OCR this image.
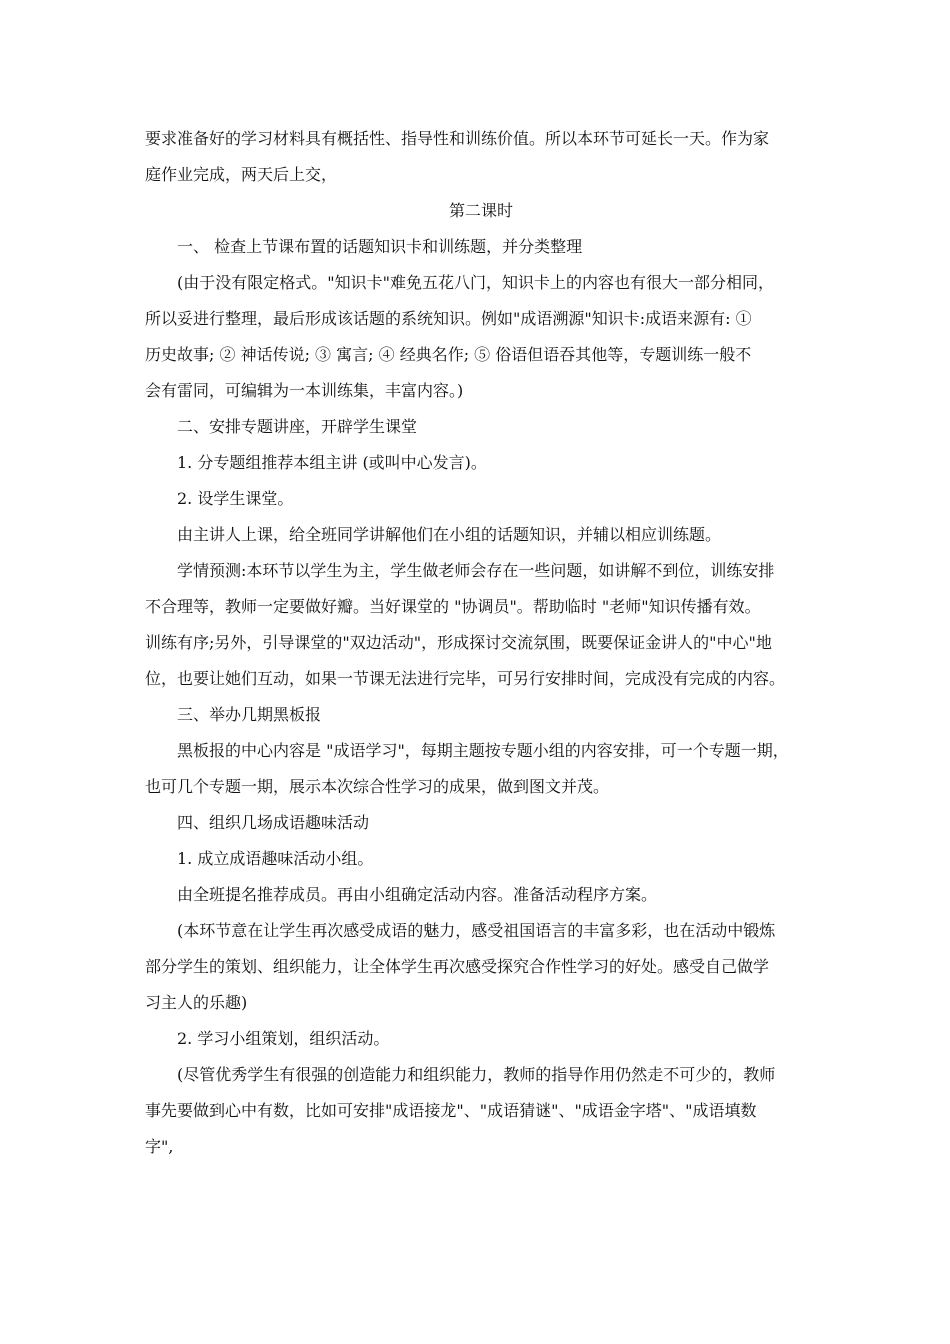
要求准备好的学习材料具有概括性、指导性和训练价值。所以本环节可延长一天。作为家
庭作业完成，两天后上交，
第二课时
一、 检查上节课布置的话题知识卡和训练题，并分类整理
(由于没有限定格式。"知识卡"难免五花八门，知识卡上的内容也有很大一部分相同，
所以妥进行整理，最后形成该话题的系统知识。例如"成语溯源"知识卡:成语来源有: ①
历史故事; ② 神话传说; ③ 寓言; ④ 经典名作; ⑤ 俗语但语吞其他等，专题训练一般不
会有雷同，可编辑为一本训练集，丰富内容。)
二、安排专题讲座，开辟学生课堂
1. 分专题组推荐本组主讲 (或叫中心发言)。
2. 设学生课堂。
由主讲人上课，给全班同学讲解他们在小组的话题知识，并辅以相应训练题。
学情预测:本环节以学生为主，学生做老师会存在一些问题，如讲解不到位，训练安排
不合理等，教师一定要做好瓣。当好课堂的 "协调员"。帮助临时 "老师"知识传播有效。
训练有序;另外，引导课堂的"双边活动"，形成探讨交流氛围，既要保证金讲人的"中心"地
位，也要让她们互动，如果一节课无法进行完毕，可另行安排时间，完成没有完成的内容。
三、举办几期黑板报
黑板报的中心内容是 "成语学习"，每期主题按专题小组的内容安排，可一个专题一期，
也可几个专题一期，展示本次综合性学习的成果，做到图文并茂。
四、组织几场成语趣味活动
1. 成立成语趣味活动小组。
由全班提名推荐成员。再由小组确定活动内容。准备活动程序方案。
(本环节意在让学生再次感受成语的魅力，感受祖国语言的丰富多彩，也在活动中锻炼
部分学生的策划、组织能力，让全体学生再次感受探究合作性学习的好处。感受自己做学
习主人的乐趣)
2. 学习小组策划，组织活动。
(尽管优秀学生有很强的创造能力和组织能力，教师的指导作用仍然走不可少的，教师
事先要做到心中有数，比如可安排"成语接龙"、"成语猜谜"、"成语金字塔"、"成语填数
字",
